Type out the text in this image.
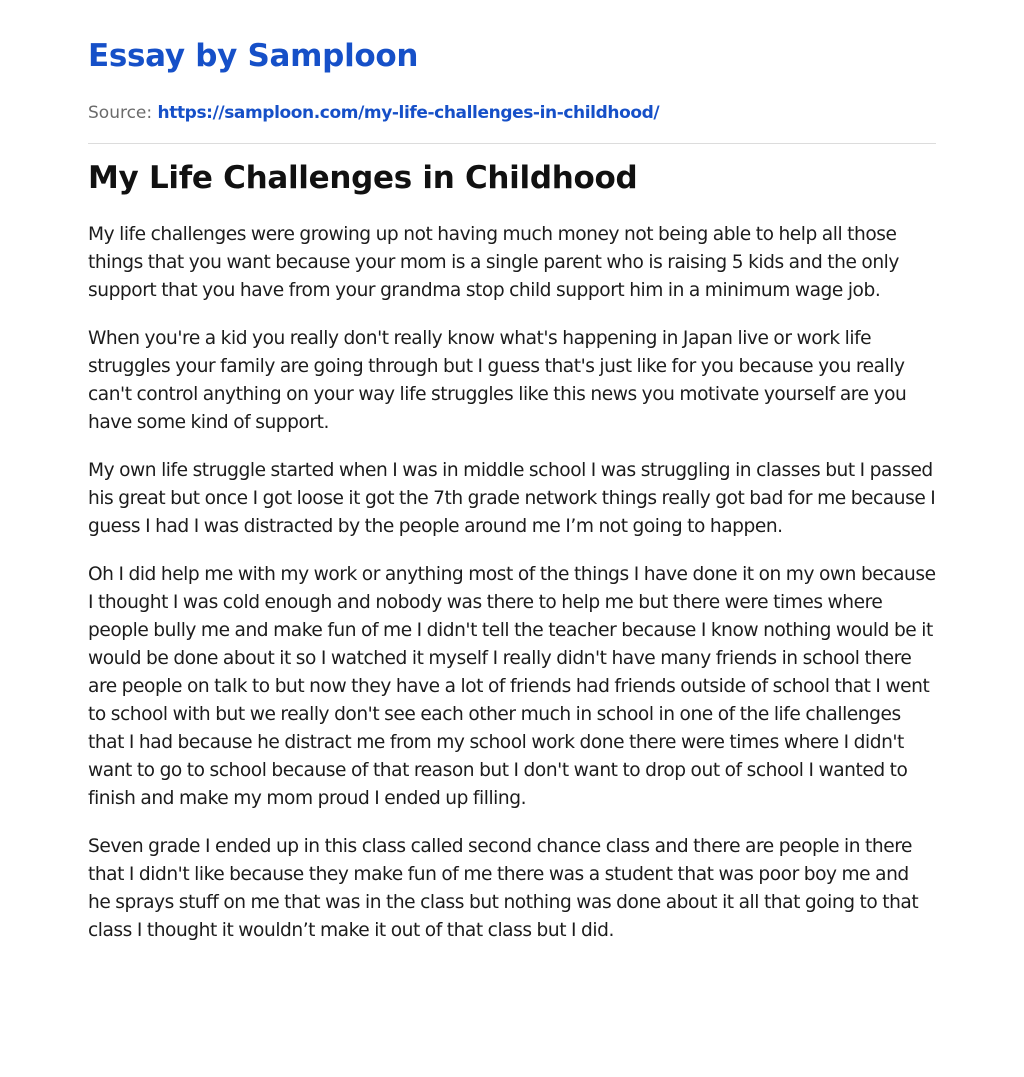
Essay by Samploon
Source: https://samploon.com/my-life-challenges-in-childhood/
My Life Challenges in Childhood

My life challenges were growing up not having much money not being able to help all those things that you want because your mom is a single parent who is raising 5 kids and the only support that you have from your grandma stop child support him in a minimum wage job.

When you're a kid you really don't really know what's happening in Japan live or work life struggles your family are going through but I guess that's just like for you because you really can't control anything on your way life struggles like this news you motivate yourself are you have some kind of support.

My own life struggle started when I was in middle school I was struggling in classes but I passed his great but once I got loose it got the 7th grade network things really got bad for me because I guess I had I was distracted by the people around me I’m not going to happen.

Oh I did help me with my work or anything most of the things I have done it on my own because I thought I was cold enough and nobody was there to help me but there were times where people bully me and make fun of me I didn't tell the teacher because I know nothing would be it would be done about it so I watched it myself I really didn't have many friends in school there are people on talk to but now they have a lot of friends had friends outside of school that I went to school with but we really don't see each other much in school in one of the life challenges that I had because he distract me from my school work done there were times where I didn't want to go to school because of that reason but I don't want to drop out of school I wanted to finish and make my mom proud I ended up filling.

Seven grade I ended up in this class called second chance class and there are people in there that I didn't like because they make fun of me there was a student that was poor boy me and he sprays stuff on me that was in the class but nothing was done about it all that going to that class I thought it wouldn’t make it out of that class but I did.
